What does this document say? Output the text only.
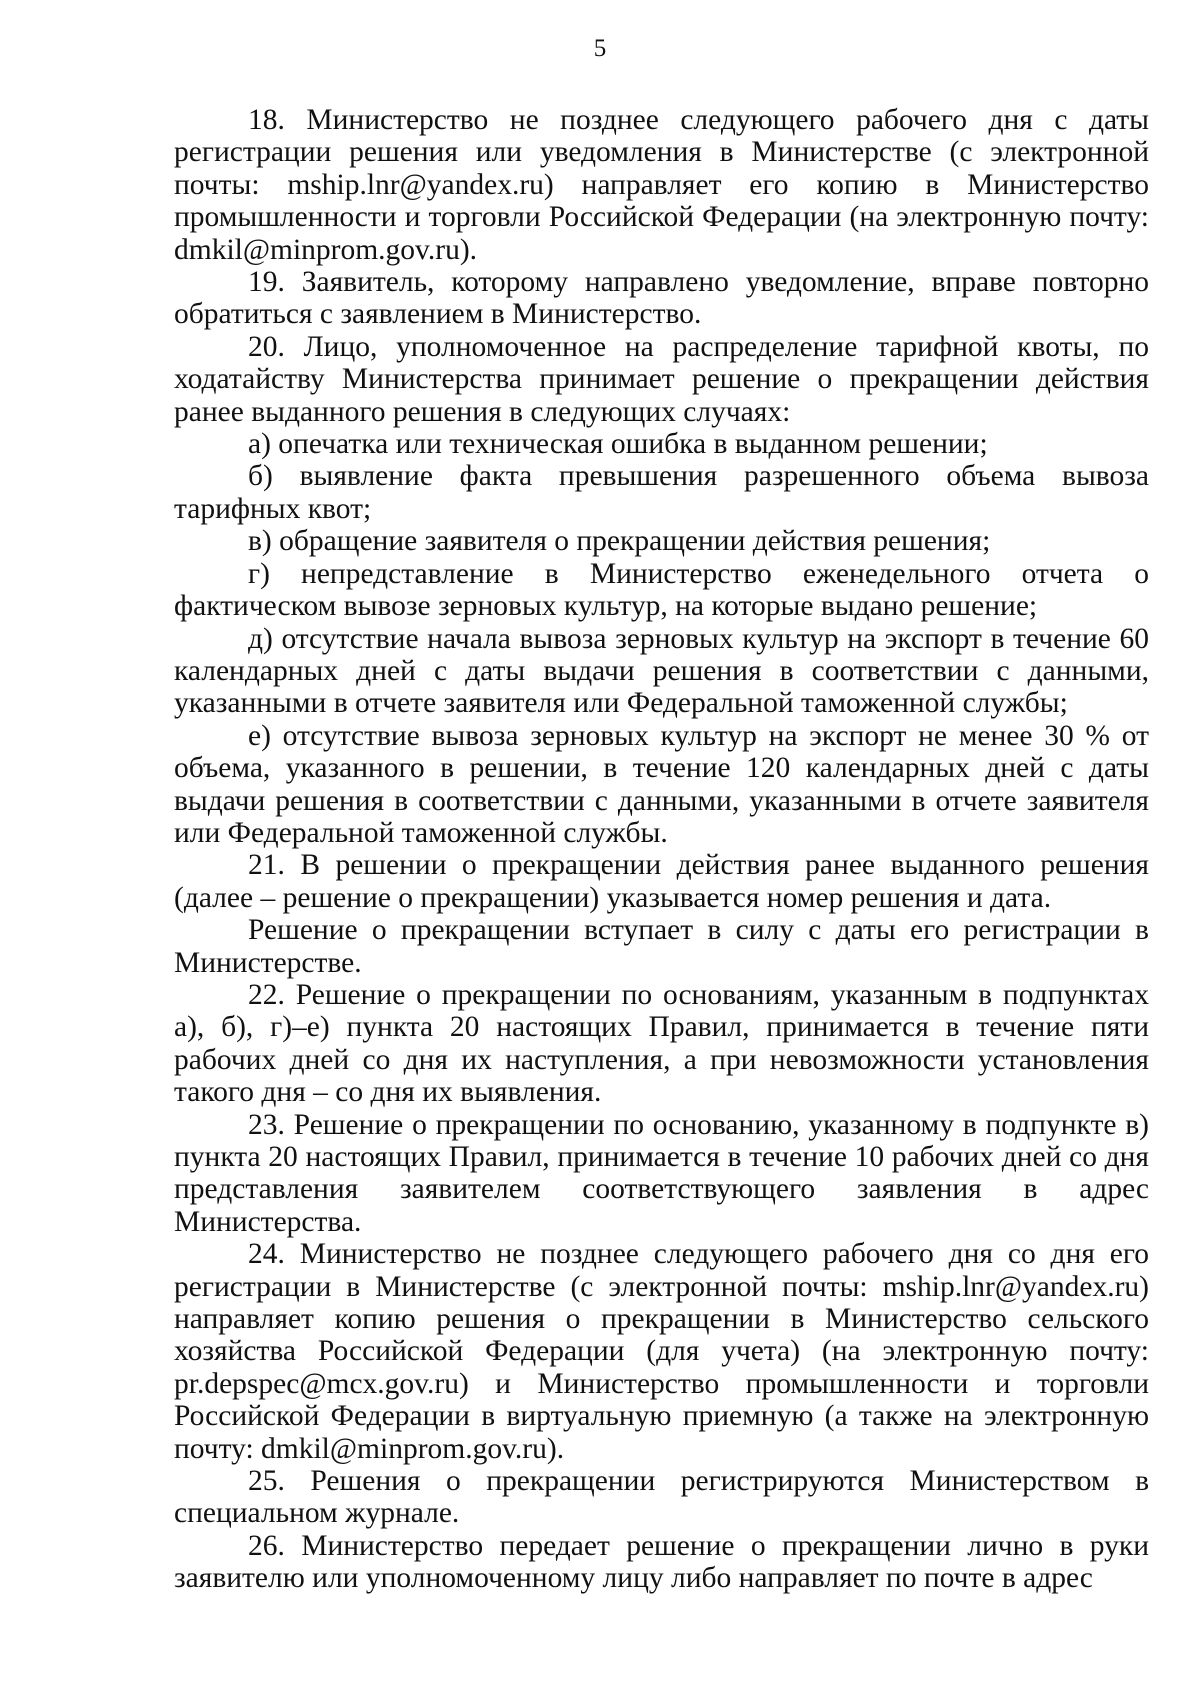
5

18. Министерство не позднее следующего рабочего дня с даты регистрации решения или уведомления в Министерстве (с электронной почты: mship.lnr@yandex.ru) направляет его копию в Министерство промышленности и торговли Российской Федерации (на электронную почту: dmkil@minprom.gov.ru).

19. Заявитель, которому направлено уведомление, вправе повторно обратиться с заявлением в Министерство.

20. Лицо, уполномоченное на распределение тарифной квоты, по ходатайству Министерства принимает решение о прекращении действия ранее выданного решения в следующих случаях:

а) опечатка или техническая ошибка в выданном решении;

б) выявление факта превышения разрешенного объема вывоза тарифных квот;

в) обращение заявителя о прекращении действия решения;

г) непредставление в Министерство еженедельного отчета о фактическом вывозе зерновых культур, на которые выдано решение;

д) отсутствие начала вывоза зерновых культур на экспорт в течение 60 календарных дней с даты выдачи решения в соответствии с данными, указанными в отчете заявителя или Федеральной таможенной службы;

е) отсутствие вывоза зерновых культур на экспорт не менее 30 % от объема, указанного в решении, в течение 120 календарных дней с даты выдачи решения в соответствии с данными, указанными в отчете заявителя или Федеральной таможенной службы.

21. В решении о прекращении действия ранее выданного решения (далее – решение о прекращении) указывается номер решения и дата.

Решение о прекращении вступает в силу с даты его регистрации в Министерстве.

22. Решение о прекращении по основаниям, указанным в подпунктах а), б), г)–е) пункта 20 настоящих Правил, принимается в течение пяти рабочих дней со дня их наступления, а при невозможности установления такого дня – со дня их выявления.

23. Решение о прекращении по основанию, указанному в подпункте в) пункта 20 настоящих Правил, принимается в течение 10 рабочих дней со дня представления заявителем соответствующего заявления в адрес Министерства.

24. Министерство не позднее следующего рабочего дня со дня его регистрации в Министерстве (с электронной почты: mship.lnr@yandex.ru) направляет копию решения о прекращении в Министерство сельского хозяйства Российской Федерации (для учета) (на электронную почту: pr.depspec@mcx.gov.ru) и Министерство промышленности и торговли Российской Федерации в виртуальную приемную (а также на электронную почту: dmkil@minprom.gov.ru).

25. Решения о прекращении регистрируются Министерством в специальном журнале.

26. Министерство передает решение о прекращении лично в руки заявителю или уполномоченному лицу либо направляет по почте в адрес
